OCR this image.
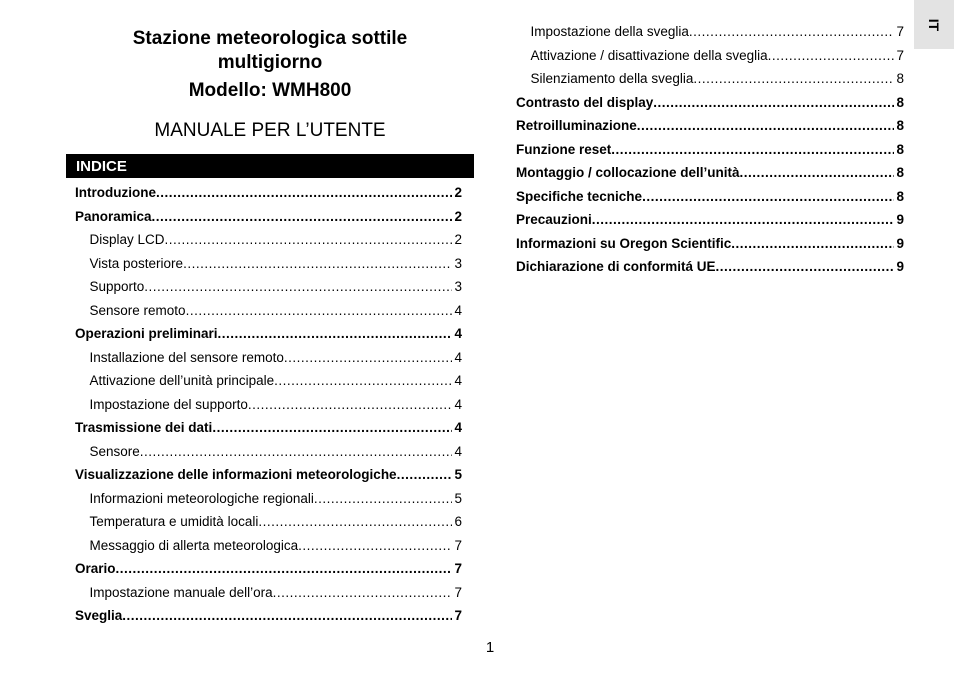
Stazione meteorologica sottile
multigiorno
Modello: WMH800
MANUALE PER L’UTENTE
INDICE
Introduzione .....	2
Panoramica .....	2
Display LCD .....	2
Vista posteriore .....	3
Supporto .....	3
Sensore remoto .....	4
Operazioni preliminari .....	4
Installazione del sensore remoto .....	4
Attivazione dell’unità principale .....	4
Impostazione del supporto .....	4
Trasmissione dei dati .....	4
Sensore .....	4
Visualizzazione delle informazioni meteorologiche .....	5
Informazioni meteorologiche regionali .....	5
Temperatura e umidità locali .....	6
Messaggio di allerta meteorologica .....	7
Orario .....	7
Impostazione manuale dell’ora .....	7
Sveglia .....	7
Impostazione della sveglia .....	7
Attivazione / disattivazione della sveglia .....	7
Silenziamento della sveglia .....	8
Contrasto del display .....	8
Retroilluminazione .....	8
Funzione reset .....	8
Montaggio / collocazione dell’unità .....	8
Specifiche tecniche .....	8
Precauzioni .....	9
Informazioni su Oregon Scientific .....	9
Dichiarazione di conformitá UE .....	9
IT
1
